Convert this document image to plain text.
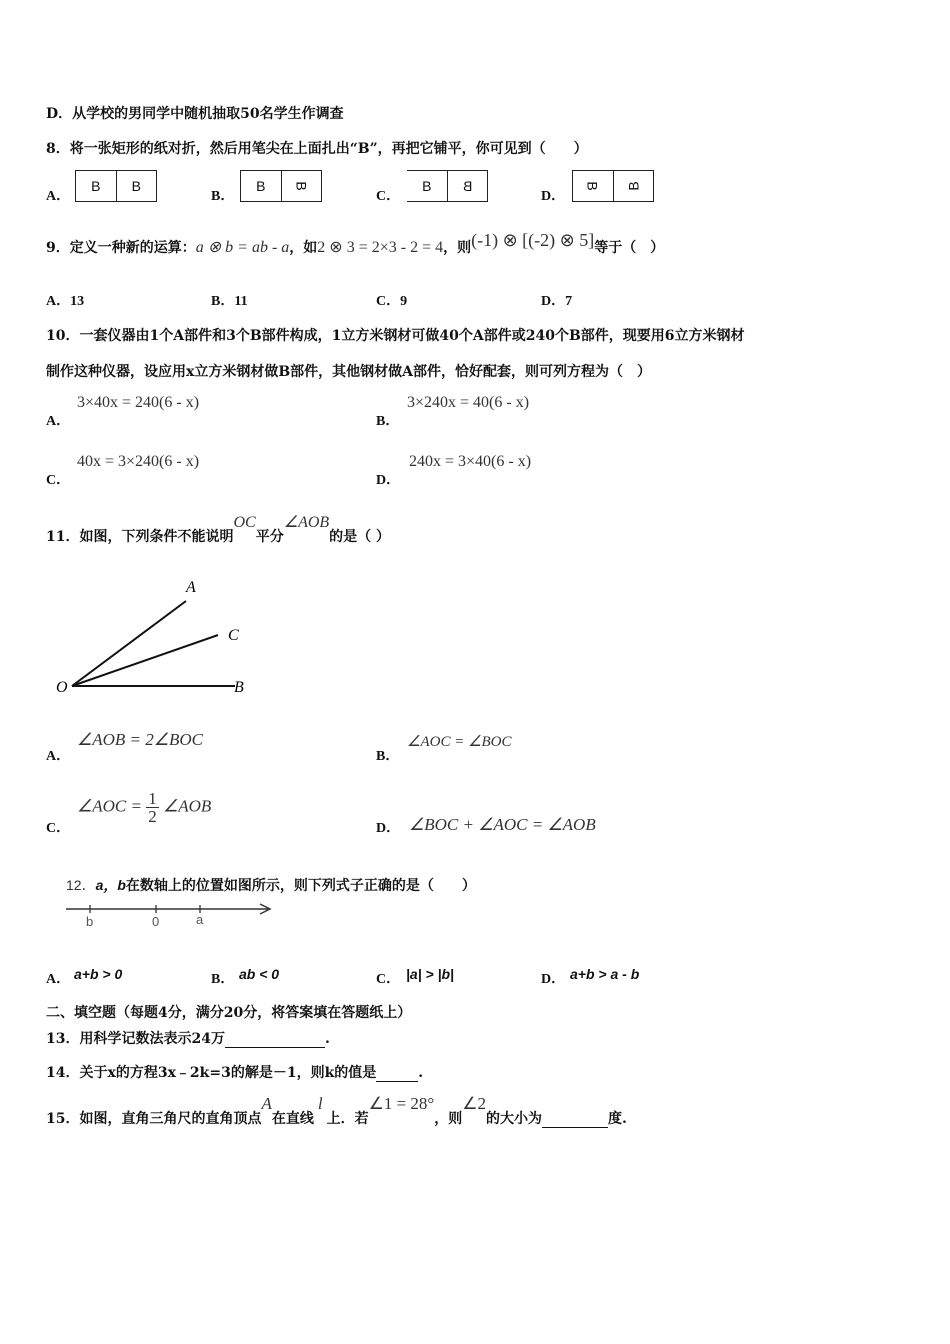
D．从学校的男同学中随机抽取50名学生作调查
8．将一张矩形的纸对折，然后用笔尖在上面扎出“B”，再把它铺平，你可见到（　　）
A．
B	B
B．
B	B
C．
B	B
D．
B B
9．定义一种新的运算：a ⊗ b = ab - a，如2 ⊗ 3 = 2×3 - 2 = 4，则(-1) ⊗ [(-2) ⊗ 5]等于（　）
A．13	B．11	C．9	D．7
10．一套仪器由1个A部件和3个B部件构成，1立方米钢材可做40个A部件或240个B部件，现要用6立方米钢材
制作这种仪器，设应用x立方米钢材做B部件，其他钢材做A部件，恰好配套，则可列方程为（　）
A．
3×40x = 240(6 - x)
B．
3×240x = 40(6 - x)
C．
40x = 3×240(6 - x)
D．
240x = 3×40(6 - x)
11．如图，下列条件不能说明OC平分∠AOB的是（ ）
A
C
O	B
A．
∠AOB = 2∠BOC
B．
∠AOC = ∠BOC
C．
∠AOC = $\frac{1}{2}$ ∠AOB
D． ∠BOC + ∠AOC = ∠AOB
12．a，b在数轴上的位置如图所示，则下列式子正确的是（　　）
b	0	a
A． a+b > 0	B． ab < 0	C． |a| > |b|	D． a+b > a - b
二、填空题（每题4分，满分20分，将答案填在答题纸上）
13．用科学记数法表示24万	.
14．关于x的方程3x﹣2k=3的解是－1，则k的值是	.
15．如图，直角三角尺的直角顶点A在直线l上．若∠1 = 28°，则∠2的大小为	度.
